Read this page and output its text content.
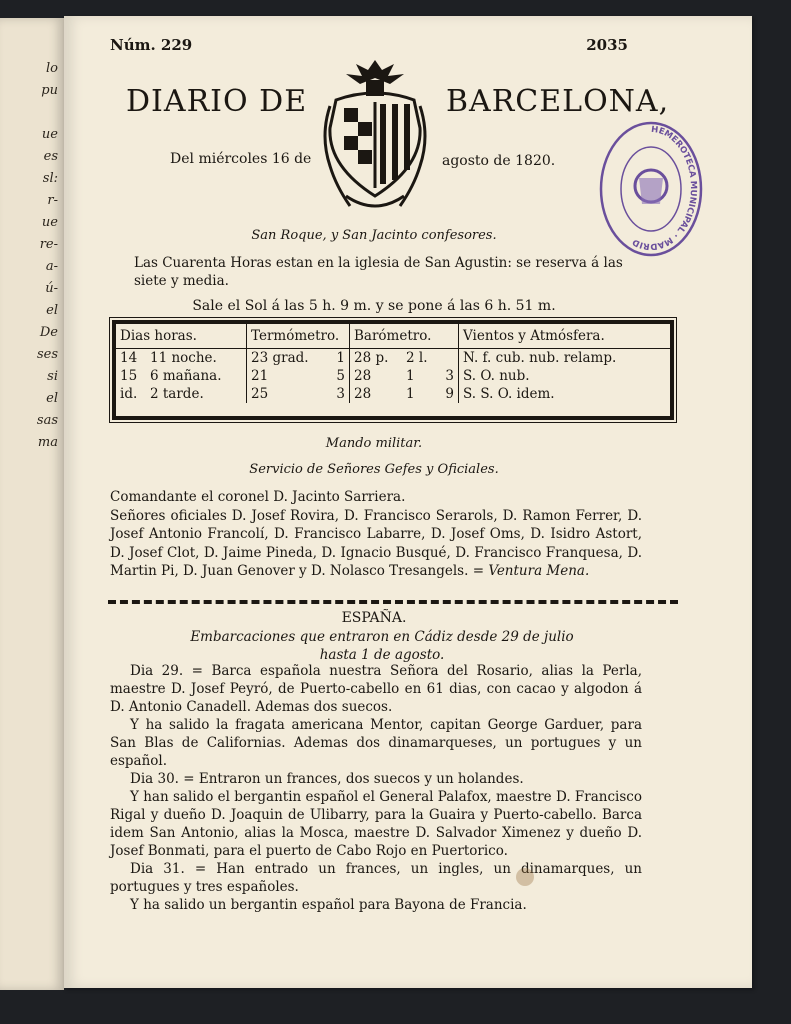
lo
pu
ue
es
sl:
r-
ue
re-
a-
ú-
el
De
ses
si
el
sas
ma
Núm. 229	2035
DIARIO DE	BARCELONA,
Del miércoles 16 de	agosto de 1820.
HEMEROTECA MUNICIPAL · MADRID
San Roque, y San Jacinto confesores.
Las Cuarenta Horas estan en la iglesia de San Agustin: se reserva á las siete y media.
Sale el Sol á las 5 h. 9 m. y se pone á las 6 h. 51 m.
Dias horas.		Termómetro.		Barómetro.			Vientos y Atmósfera.
14	11 noche.	23 grad.	1	28 p.	2 l.		N. f. cub. nub. relamp.
15	6 mañana.	21	5	28	1	3	S. O. nub.
id.	2 tarde.	25	3	28	1	9	S. S. O. idem.
Mando militar.
Servicio de Señores Gefes y Oficiales.

Comandante el coronel D. Jacinto Sarriera.

Señores oficiales D. Josef Rovira, D. Francisco Serarols, D. Ramon Ferrer, D. Josef Antonio Francolí, D. Francisco Labarre, D. Josef Oms, D. Isidro Astort, D. Josef Clot, D. Jaime Pineda, D. Ignacio Busqué, D. Francisco Franquesa, D. Martin Pi, D. Juan Genover y D. Nolasco Tresangels. = Ventura Mena.

ESPAÑA.
Embarcaciones que entraron en Cádiz desde 29 de julio
hasta 1 de agosto.

Dia 29. = Barca española nuestra Señora del Rosario, alias la Perla, maestre D. Josef Peyró, de Puerto-cabello en 61 dias, con cacao y algodon á D. Antonio Canadell. Ademas dos suecos.

Y ha salido la fragata americana Mentor, capitan George Garduer, para San Blas de Californias. Ademas dos dinamarqueses, un portugues y un español.

Dia 30. = Entraron un frances, dos suecos y un holandes.

Y han salido el bergantin español el General Palafox, maestre D. Francisco Rigal y dueño D. Joaquin de Ulibarry, para la Guaira y Puerto-cabello. Barca idem San Antonio, alias la Mosca, maestre D. Salvador Ximenez y dueño D. Josef Bonmati, para el puerto de Cabo Rojo en Puertorico.

Dia 31. = Han entrado un frances, un ingles, un dinamarques, un portugues y tres españoles.

Y ha salido un bergantin español para Bayona de Francia.
